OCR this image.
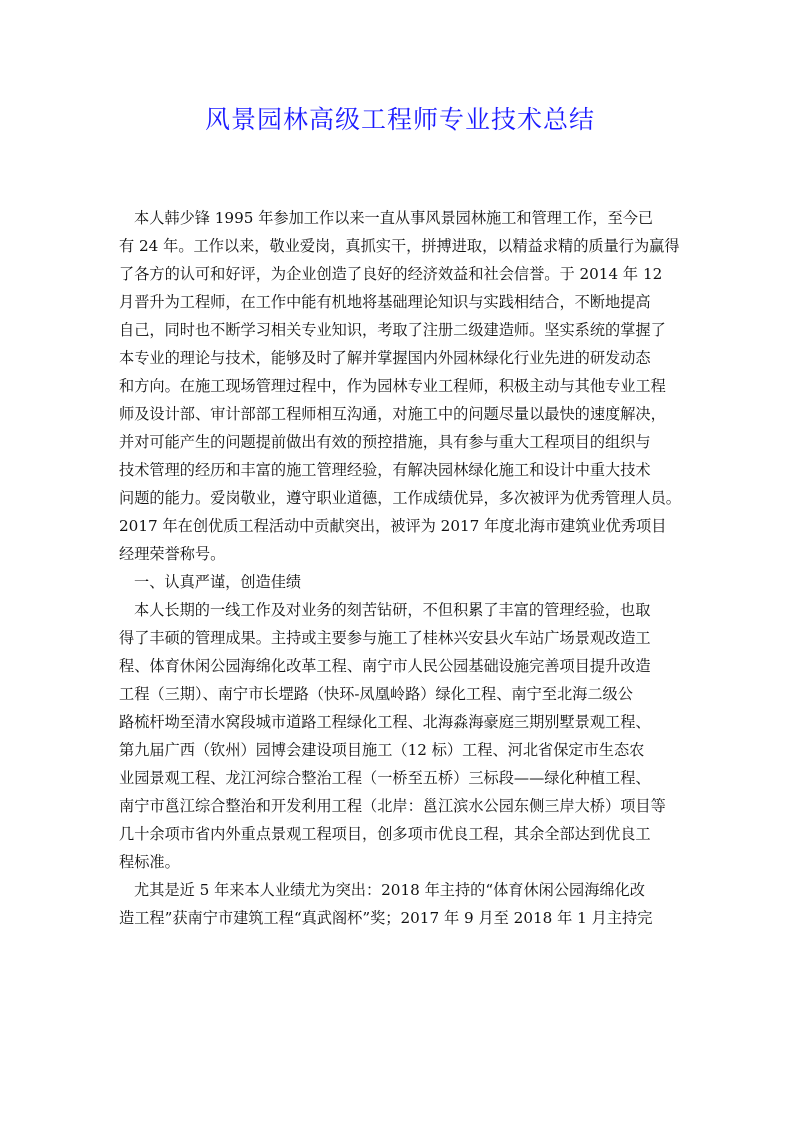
风景园林高级工程师专业技术总结
本人韩少锋 1995 年参加工作以来一直从事风景园林施工和管理工作，至今已
有 24 年。工作以来，敬业爱岗，真抓实干，拼搏进取，以精益求精的质量行为赢得
了各方的认可和好评，为企业创造了良好的经济效益和社会信誉。于 2014 年 12
月晋升为工程师，在工作中能有机地将基础理论知识与实践相结合，不断地提高
自己，同时也不断学习相关专业知识，考取了注册二级建造师。坚实系统的掌握了
本专业的理论与技术，能够及时了解并掌握国内外园林绿化行业先进的研发动态
和方向。在施工现场管理过程中，作为园林专业工程师，积极主动与其他专业工程
师及设计部、审计部部工程师相互沟通，对施工中的问题尽量以最快的速度解决，
并对可能产生的问题提前做出有效的预控措施，具有参与重大工程项目的组织与
技术管理的经历和丰富的施工管理经验，有解决园林绿化施工和设计中重大技术
问题的能力。爱岗敬业，遵守职业道德，工作成绩优异，多次被评为优秀管理人员。
2017 年在创优质工程活动中贡献突出，被评为 2017 年度北海市建筑业优秀项目
经理荣誉称号。
一、认真严谨，创造佳绩
本人长期的一线工作及对业务的刻苦钻研，不但积累了丰富的管理经验，也取
得了丰硕的管理成果。主持或主要参与施工了桂林兴安县火车站广场景观改造工
程、体育休闲公园海绵化改革工程、南宁市人民公园基础设施完善项目提升改造
工程（三期）、南宁市长堽路（快环-凤凰岭路）绿化工程、南宁至北海二级公
路梳杆坳至清水窝段城市道路工程绿化工程、北海淼海豪庭三期别墅景观工程、
第九届广西（钦州）园博会建设项目施工（12 标）工程、河北省保定市生态农
业园景观工程、龙江河综合整治工程（一桥至五桥）三标段——绿化种植工程、
南宁市邕江综合整治和开发利用工程（北岸：邕江滨水公园东侧三岸大桥）项目等
几十余项市省内外重点景观工程项目，创多项市优良工程，其余全部达到优良工
程标准。
尤其是近 5 年来本人业绩尤为突出：2018 年主持的“体育休闲公园海绵化改
造工程”获南宁市建筑工程“真武阁杯”奖；2017 年 9 月至 2018 年 1 月主持完
